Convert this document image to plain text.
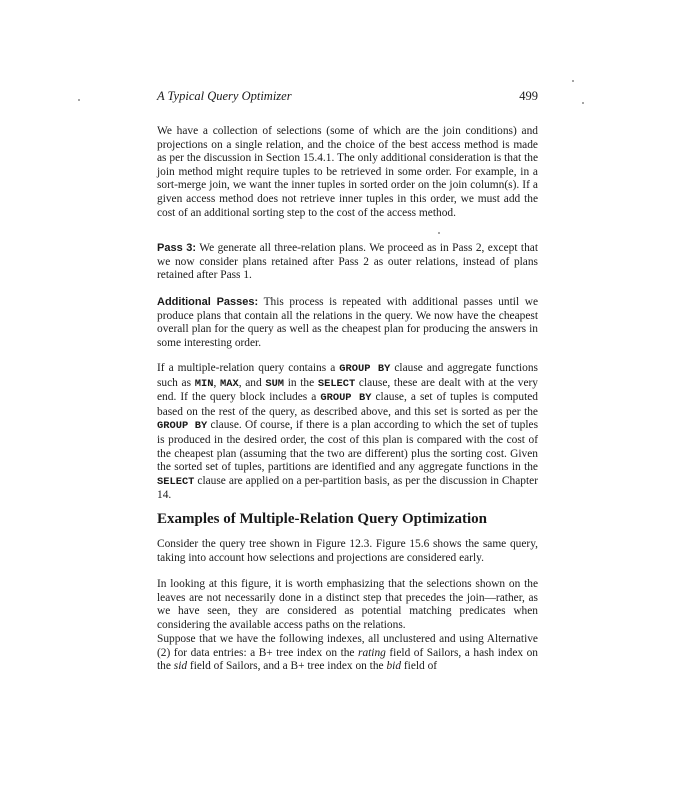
A Typical Query Optimizer	499

We have a collection of selections (some of which are the join conditions) and projections on a single relation, and the choice of the best access method is made as per the discussion in Section 15.4.1. The only additional consideration is that the join method might require tuples to be retrieved in some order. For example, in a sort-merge join, we want the inner tuples in sorted order on the join column(s). If a given access method does not retrieve inner tuples in this order, we must add the cost of an additional sorting step to the cost of the access method.

Pass 3: We generate all three-relation plans. We proceed as in Pass 2, except that we now consider plans retained after Pass 2 as outer relations, instead of plans retained after Pass 1.

Additional Passes: This process is repeated with additional passes until we produce plans that contain all the relations in the query. We now have the cheapest overall plan for the query as well as the cheapest plan for producing the answers in some interesting order.

If a multiple-relation query contains a GROUP BY clause and aggregate functions such as MIN, MAX, and SUM in the SELECT clause, these are dealt with at the very end. If the query block includes a GROUP BY clause, a set of tuples is computed based on the rest of the query, as described above, and this set is sorted as per the GROUP BY clause. Of course, if there is a plan according to which the set of tuples is produced in the desired order, the cost of this plan is compared with the cost of the cheapest plan (assuming that the two are different) plus the sorting cost. Given the sorted set of tuples, partitions are identified and any aggregate functions in the SELECT clause are applied on a per-partition basis, as per the discussion in Chapter 14.

Examples of Multiple-Relation Query Optimization

Consider the query tree shown in Figure 12.3. Figure 15.6 shows the same query, taking into account how selections and projections are considered early.

In looking at this figure, it is worth emphasizing that the selections shown on the leaves are not necessarily done in a distinct step that precedes the join—rather, as we have seen, they are considered as potential matching predicates when considering the available access paths on the relations.

Suppose that we have the following indexes, all unclustered and using Alternative (2) for data entries: a B+ tree index on the rating field of Sailors, a hash index on the sid field of Sailors, and a B+ tree index on the bid field of
